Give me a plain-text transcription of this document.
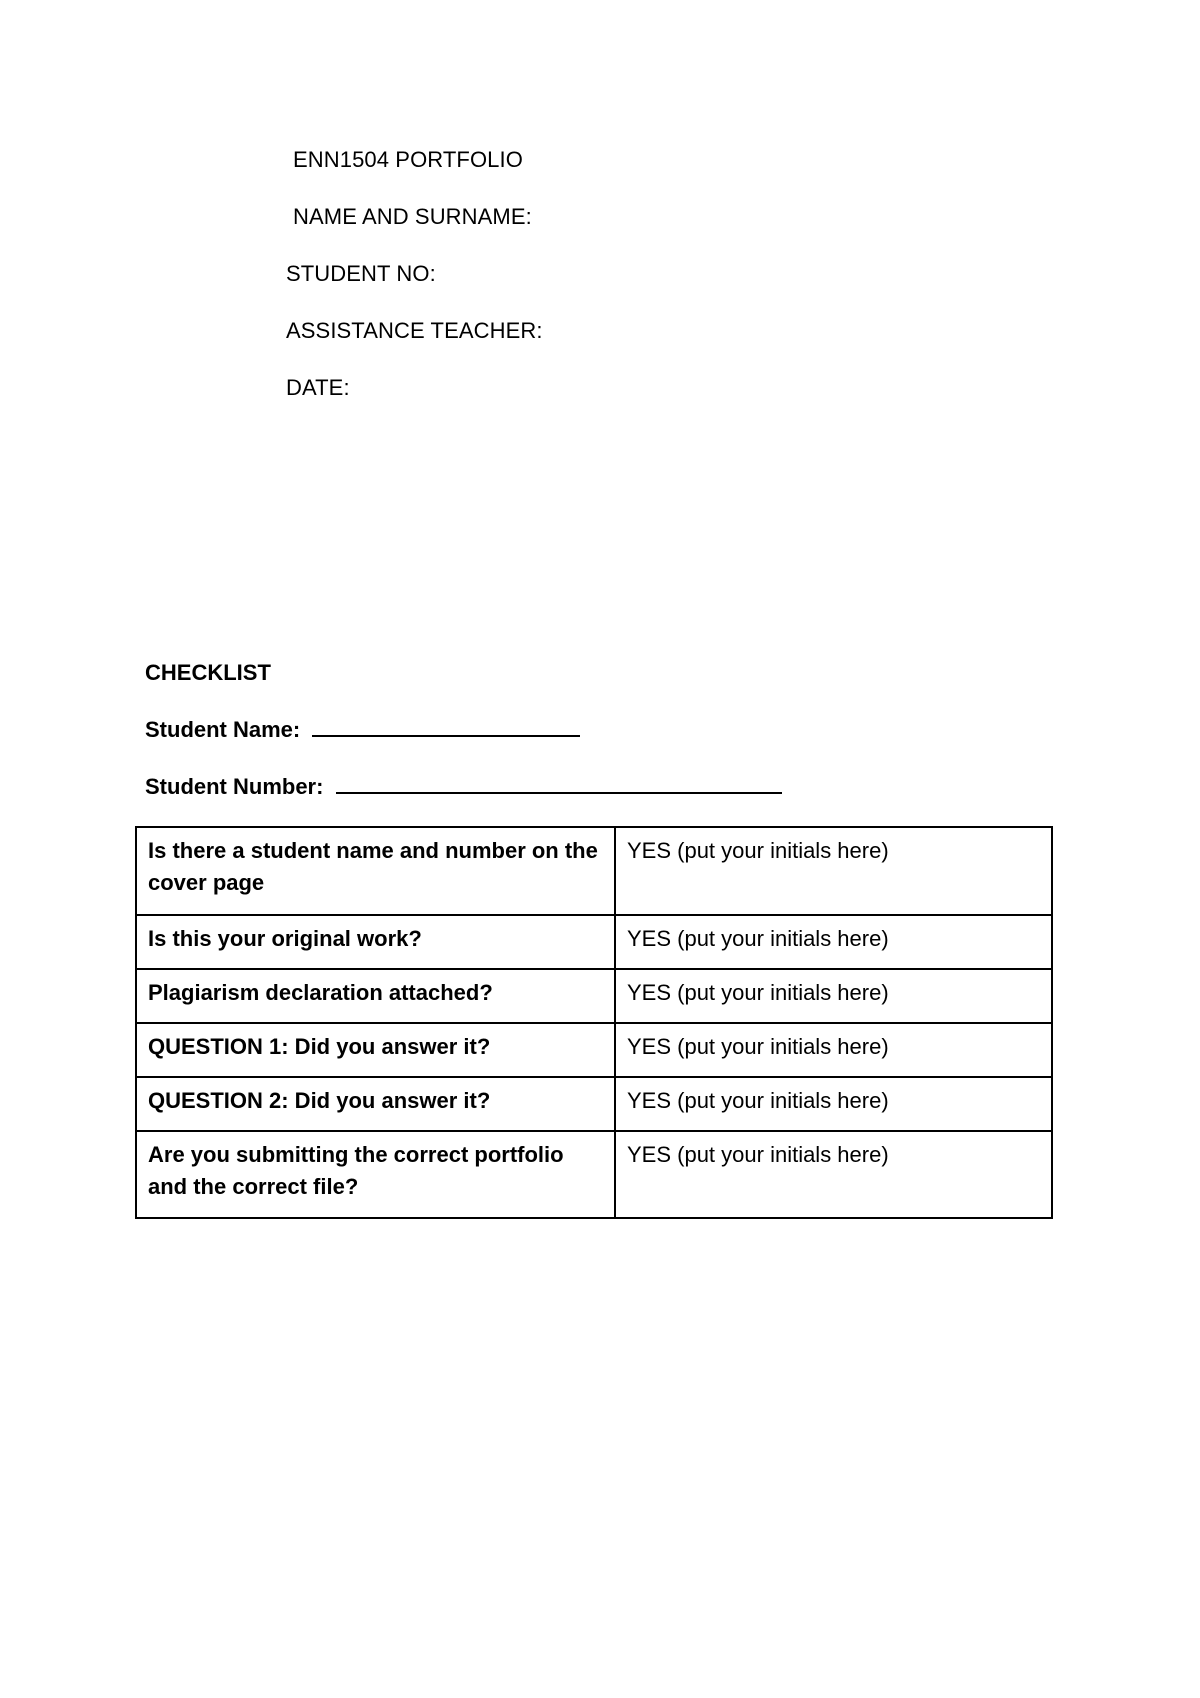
ENN1504 PORTFOLIO
NAME AND SURNAME:
STUDENT NO:
ASSISTANCE TEACHER:
DATE:
CHECKLIST
Student Name:
Student Number:
Is there a student name and number on the cover page	YES (put your initials here)
Is this your original work?	YES (put your initials here)
Plagiarism declaration attached?	YES (put your initials here)
QUESTION 1: Did you answer it?	YES (put your initials here)
QUESTION 2: Did you answer it?	YES (put your initials here)
Are you submitting the correct portfolio and the correct file?	YES (put your initials here)
